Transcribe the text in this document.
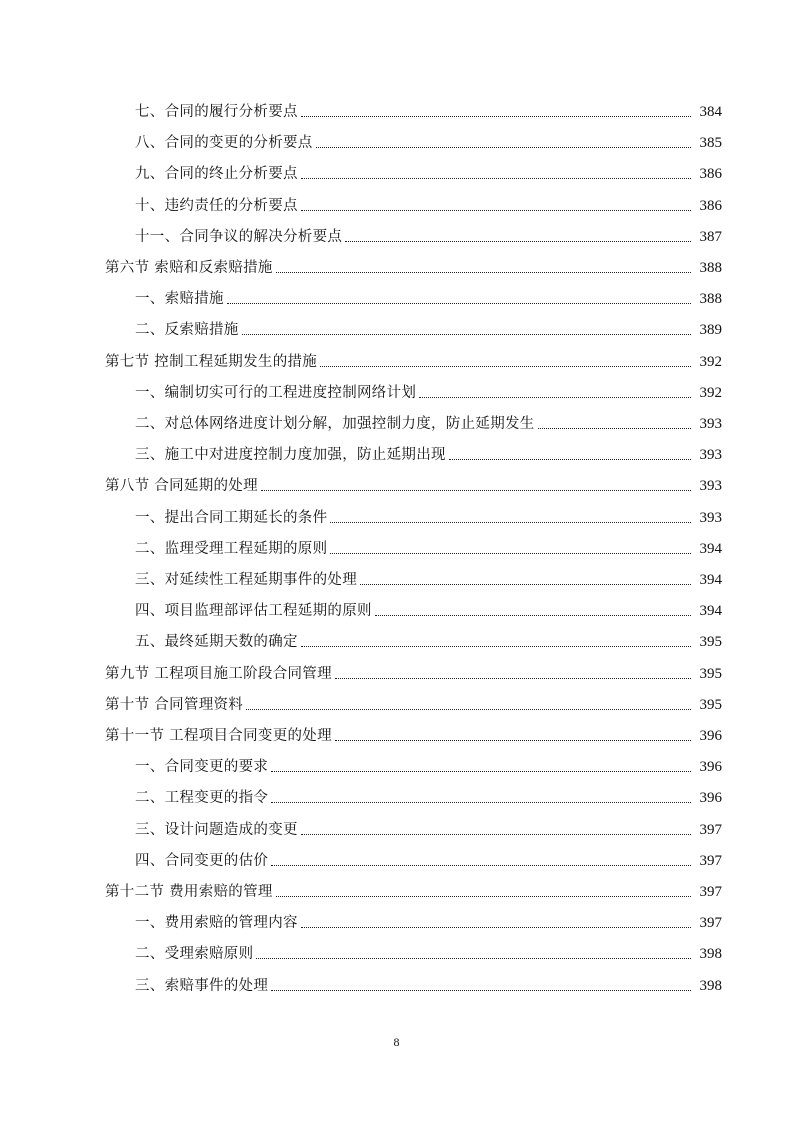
七、合同的履行分析要点	384
八、合同的变更的分析要点	385
九、合同的终止分析要点	386
十、违约责任的分析要点	386
十一、合同争议的解决分析要点	387
第六节 索赔和反索赔措施	388
一、索赔措施	388
二、反索赔措施	389
第七节 控制工程延期发生的措施	392
一、编制切实可行的工程进度控制网络计划	392
二、对总体网络进度计划分解，加强控制力度，防止延期发生	393
三、施工中对进度控制力度加强，防止延期出现	393
第八节 合同延期的处理	393
一、提出合同工期延长的条件	393
二、监理受理工程延期的原则	394
三、对延续性工程延期事件的处理	394
四、项目监理部评估工程延期的原则	394
五、最终延期天数的确定	395
第九节 工程项目施工阶段合同管理	395
第十节 合同管理资料	395
第十一节 工程项目合同变更的处理	396
一、合同变更的要求	396
二、工程变更的指令	396
三、设计问题造成的变更	397
四、合同变更的估价	397
第十二节 费用索赔的管理	397
一、费用索赔的管理内容	397
二、受理索赔原则	398
三、索赔事件的处理	398
8
